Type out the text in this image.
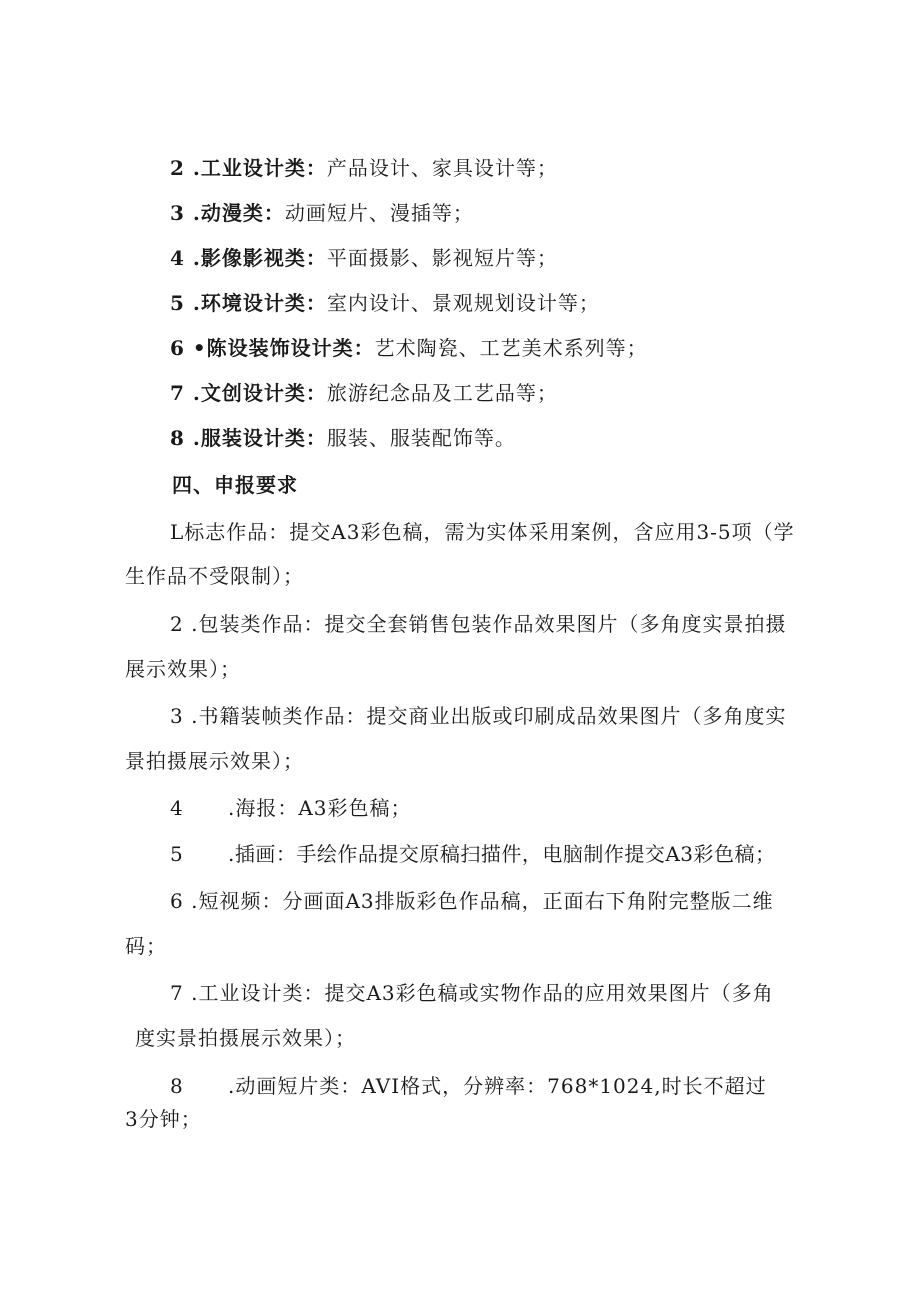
2 .工业设计类：产品设计、家具设计等；
3 .动漫类：动画短片、漫插等；
4 .影像影视类：平面摄影、影视短片等；
5 .环境设计类：室内设计、景观规划设计等；
6 •陈设装饰设计类：艺术陶瓷、工艺美术系列等；
7 .文创设计类：旅游纪念品及工艺品等；
8 .服装设计类：服装、服装配饰等。
四、申报要求
L标志作品：提交A3彩色稿，需为实体采用案例，含应用3-5项（学
生作品不受限制）；
2 .包装类作品：提交全套销售包装作品效果图片（多角度实景拍摄
展示效果）；
3 .书籍装帧类作品：提交商业出版或印刷成品效果图片（多角度实
景拍摄展示效果）；
4 .海报：A3彩色稿；
5 .插画：手绘作品提交原稿扫描件，电脑制作提交A3彩色稿；
6 .短视频：分画面A3排版彩色作品稿，正面右下角附完整版二维
码；
7 .工业设计类：提交A3彩色稿或实物作品的应用效果图片（多角
度实景拍摄展示效果）；
8 .动画短片类：AVI格式，分辨率：768*1024,时长不超过
3分钟；
